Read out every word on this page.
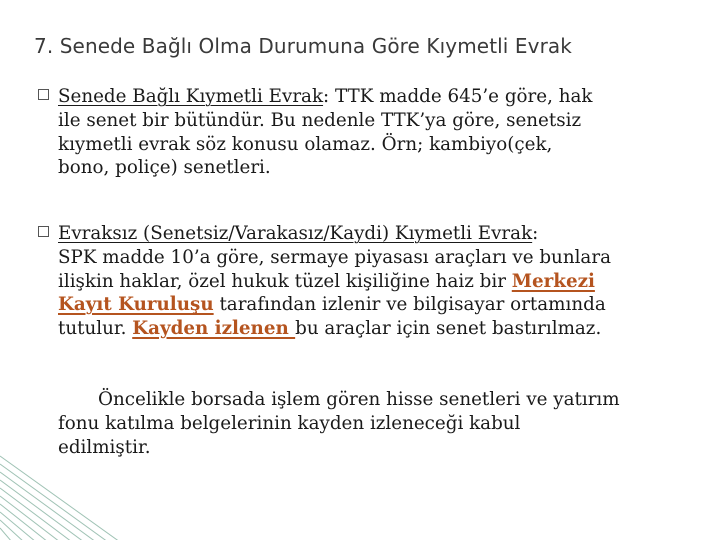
7. Senede Bağlı Olma Durumuna Göre Kıymetli Evrak
Senede Bağlı Kıymetli Evrak: TTK madde 645’e göre, hak
ile senet bir bütündür. Bu nedenle TTK’ya göre, senetsiz
kıymetli evrak söz konusu olamaz. Örn; kambiyo(çek,
bono, poliçe) senetleri.
Evraksız (Senetsiz/Varakasız/Kaydi) Kıymetli Evrak:
SPK madde 10’a göre, sermaye piyasası araçları ve bunlara
ilişkin haklar, özel hukuk tüzel kişiliğine haiz bir Merkezi
Kayıt Kuruluşu tarafından izlenir ve bilgisayar ortamında
tutulur. Kayden izlenen bu araçlar için senet bastırılmaz.
Öncelikle borsada işlem gören hisse senetleri ve yatırım
fonu katılma belgelerinin kayden izleneceği kabul
edilmiştir.
